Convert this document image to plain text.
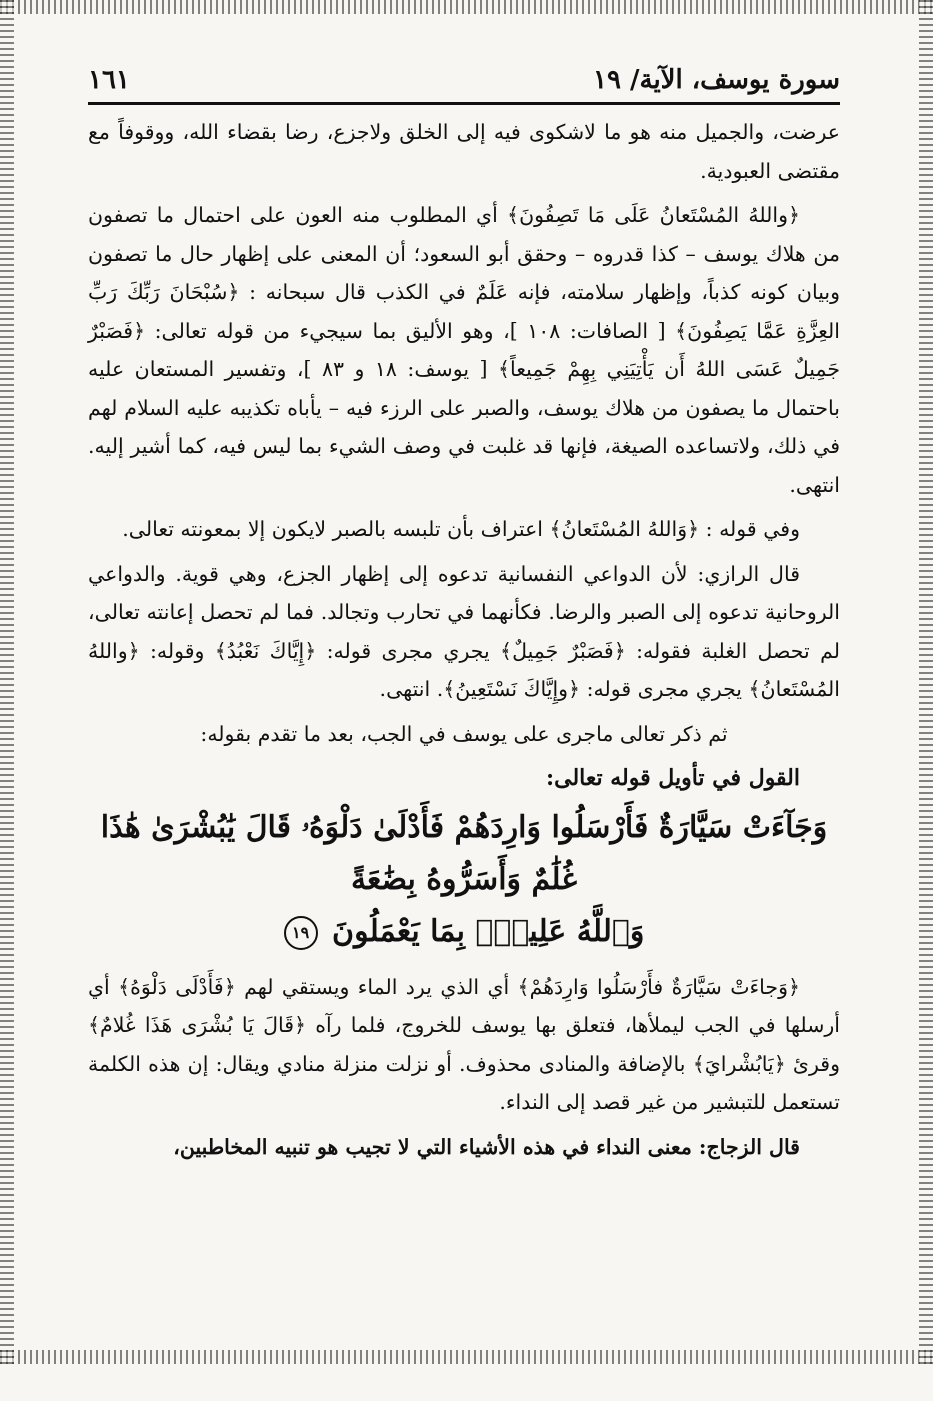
سورة يوسف، الآية/ ١٩
١٦١

عرضت، والجميل منه هو ما لاشكوى فيه إلى الخلق ولاجزع، رضا بقضاء الله، ووقوفاً مع مقتضى العبودية.

﴿واللهُ المُسْتَعانُ عَلَى مَا تَصِفُونَ﴾ أي المطلوب منه العون على احتمال ما تصفون من هلاك يوسف – كذا قدروه – وحقق أبو السعود؛ أن المعنى على إظهار حال ما تصفون وبيان كونه كذباً، وإظهار سلامته، فإنه عَلَمٌ في الكذب قال سبحانه : ﴿سُبْحَانَ رَبِّكَ رَبِّ العِزَّةِ عَمَّا يَصِفُونَ﴾ [ الصافات: ١٠٨ ]، وهو الأليق بما سيجيء من قوله تعالى: ﴿فَصَبْرٌ جَمِيلٌ عَسَى اللهُ أَن يَأْتِيَنِي بِهِمْ جَمِيعاً﴾ [ يوسف: ١٨ و ٨٣ ]، وتفسير المستعان عليه باحتمال ما يصفون من هلاك يوسف، والصبر على الرزء فيه – يأباه تكذيبه عليه السلام لهم في ذلك، ولاتساعده الصيغة، فإنها قد غلبت في وصف الشيء بما ليس فيه، كما أشير إليه. انتهى.

وفي قوله : ﴿وَاللهُ المُسْتَعانُ﴾ اعتراف بأن تلبسه بالصبر لايكون إلا بمعونته تعالى.

قال الرازي: لأن الدواعي النفسانية تدعوه إلى إظهار الجزع، وهي قوية. والدواعي الروحانية تدعوه إلى الصبر والرضا. فكأنهما في تحارب وتجالد. فما لم تحصل إعانته تعالى، لم تحصل الغلبة فقوله: ﴿فَصَبْرٌ جَمِيلٌ﴾ يجري مجرى قوله: ﴿إِيَّاكَ نَعْبُدُ﴾ وقوله: ﴿واللهُ المُسْتَعانُ﴾ يجري مجرى قوله: ﴿وإِيَّاكَ نَسْتَعِينُ﴾. انتهى.

ثم ذكر تعالى ماجرى على يوسف في الجب، بعد ما تقدم بقوله:

القول في تأويل قوله تعالى:
وَجَآءَتْ سَيَّارَةٌ فَأَرْسَلُوا وَارِدَهُمْ فَأَدْلَىٰ دَلْوَهُۥ قَالَ يَٰبُشْرَىٰ هَٰذَا غُلَٰمٌ وَأَسَرُّوهُ بِضَٰعَةً
وَٱللَّهُ عَلِيمٌۢ بِمَا يَعْمَلُونَ ١٩

﴿وَجاءَتْ سَيَّارَةٌ فأَرْسَلُوا وَارِدَهُمْ﴾ أي الذي يرد الماء ويستقي لهم ﴿فَأَدْلَى دَلْوَهُ﴾ أي أرسلها في الجب ليملأها، فتعلق بها يوسف للخروج، فلما رآه ﴿قَالَ يَا بُشْرَى هَذَا غُلامٌ﴾ وقرئ ﴿يَابُشْرايَ﴾ بالإضافة والمنادى محذوف. أو نزلت منزلة منادي ويقال: إن هذه الكلمة تستعمل للتبشير من غير قصد إلى النداء.

قال الزجاج: معنى النداء في هذه الأشياء التي لا تجيب هو تنبيه المخاطبين،
